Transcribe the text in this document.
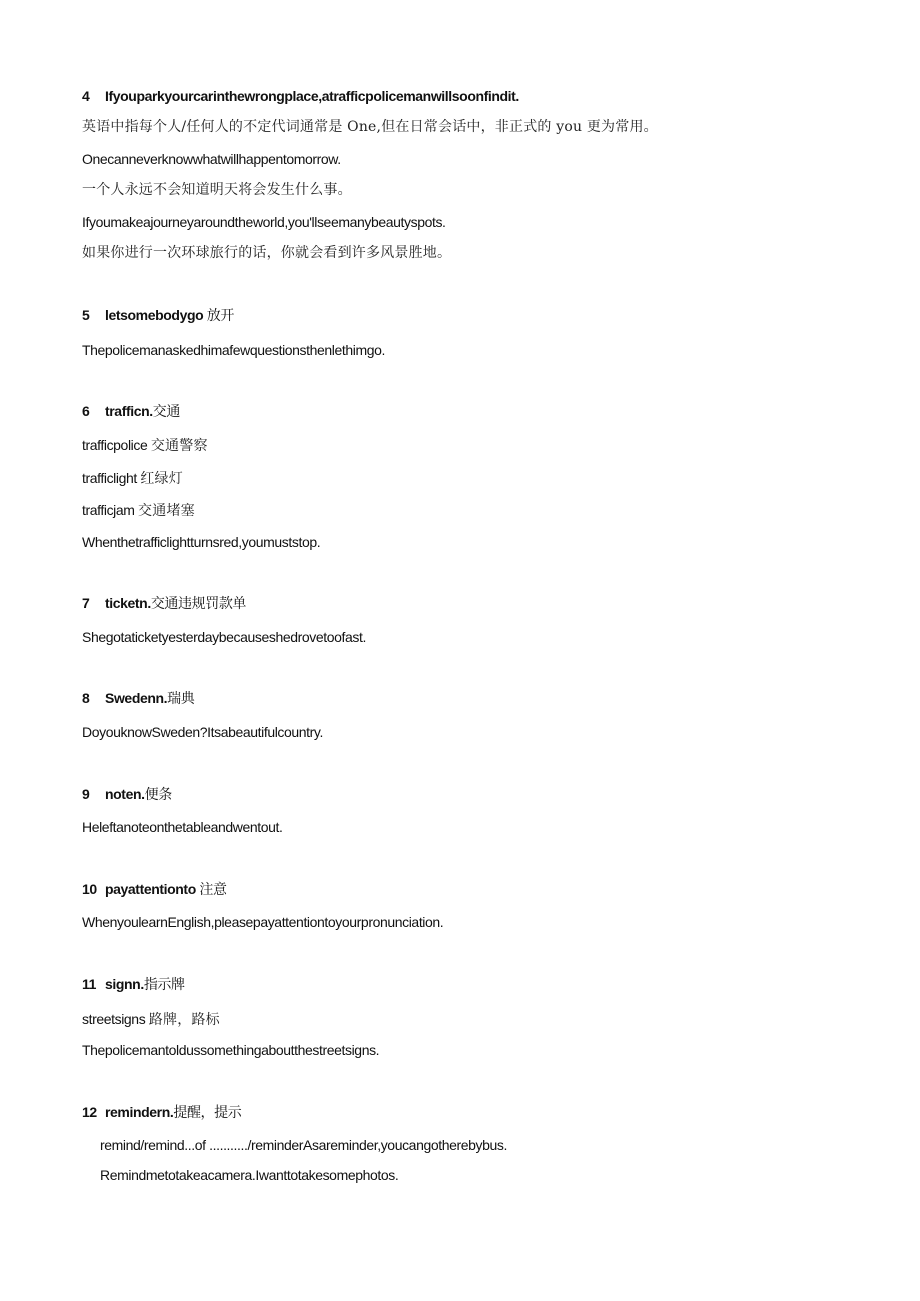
4 Ifyouparkyourcarinthewrongplace,atrafficpolicemanwillsoonfindit.
英语中指每个人/任何人的不定代词通常是 One,但在日常会话中，非正式的 you 更为常用。
Onecanneverknowwhatwillhappentomorrow.
一个人永远不会知道明天将会发生什么事。
Ifyoumakeajourneyaroundtheworld,you'llseemanybeautyspots.
如果你进行一次环球旅行的话，你就会看到许多风景胜地。
5 letsomebodygo 放开
Thepolicemanaskedhimafewquestionsthenlethimgo.
6 trafficn.交通
trafficpolice 交通警察
trafficlight 红绿灯
trafficjam 交通堵塞
Whenthetrafficlightturnsred,youmuststop.
7 ticketn.交通违规罚款单
Shegotaticketyesterdaybecauseshedrovetoofast.
8 Swedenn.瑞典
DoyouknowSweden?Itsabeautifulcountry.
9 noten.便条
Heleftanoteonthetableandwentout.
10 payattentionto 注意
WhenyoulearnEnglish,pleasepayattentiontoyourpronunciation.
11 signn.指示牌
streetsigns 路牌，路标
Thepolicemantoldussomethingaboutthestreetsigns.
12 remindern.提醒，提示
remind/remind...of .........../reminderAsareminder,youcangotherebybus.
Remindmetotakeacamera.Iwanttotakesomephotos.
